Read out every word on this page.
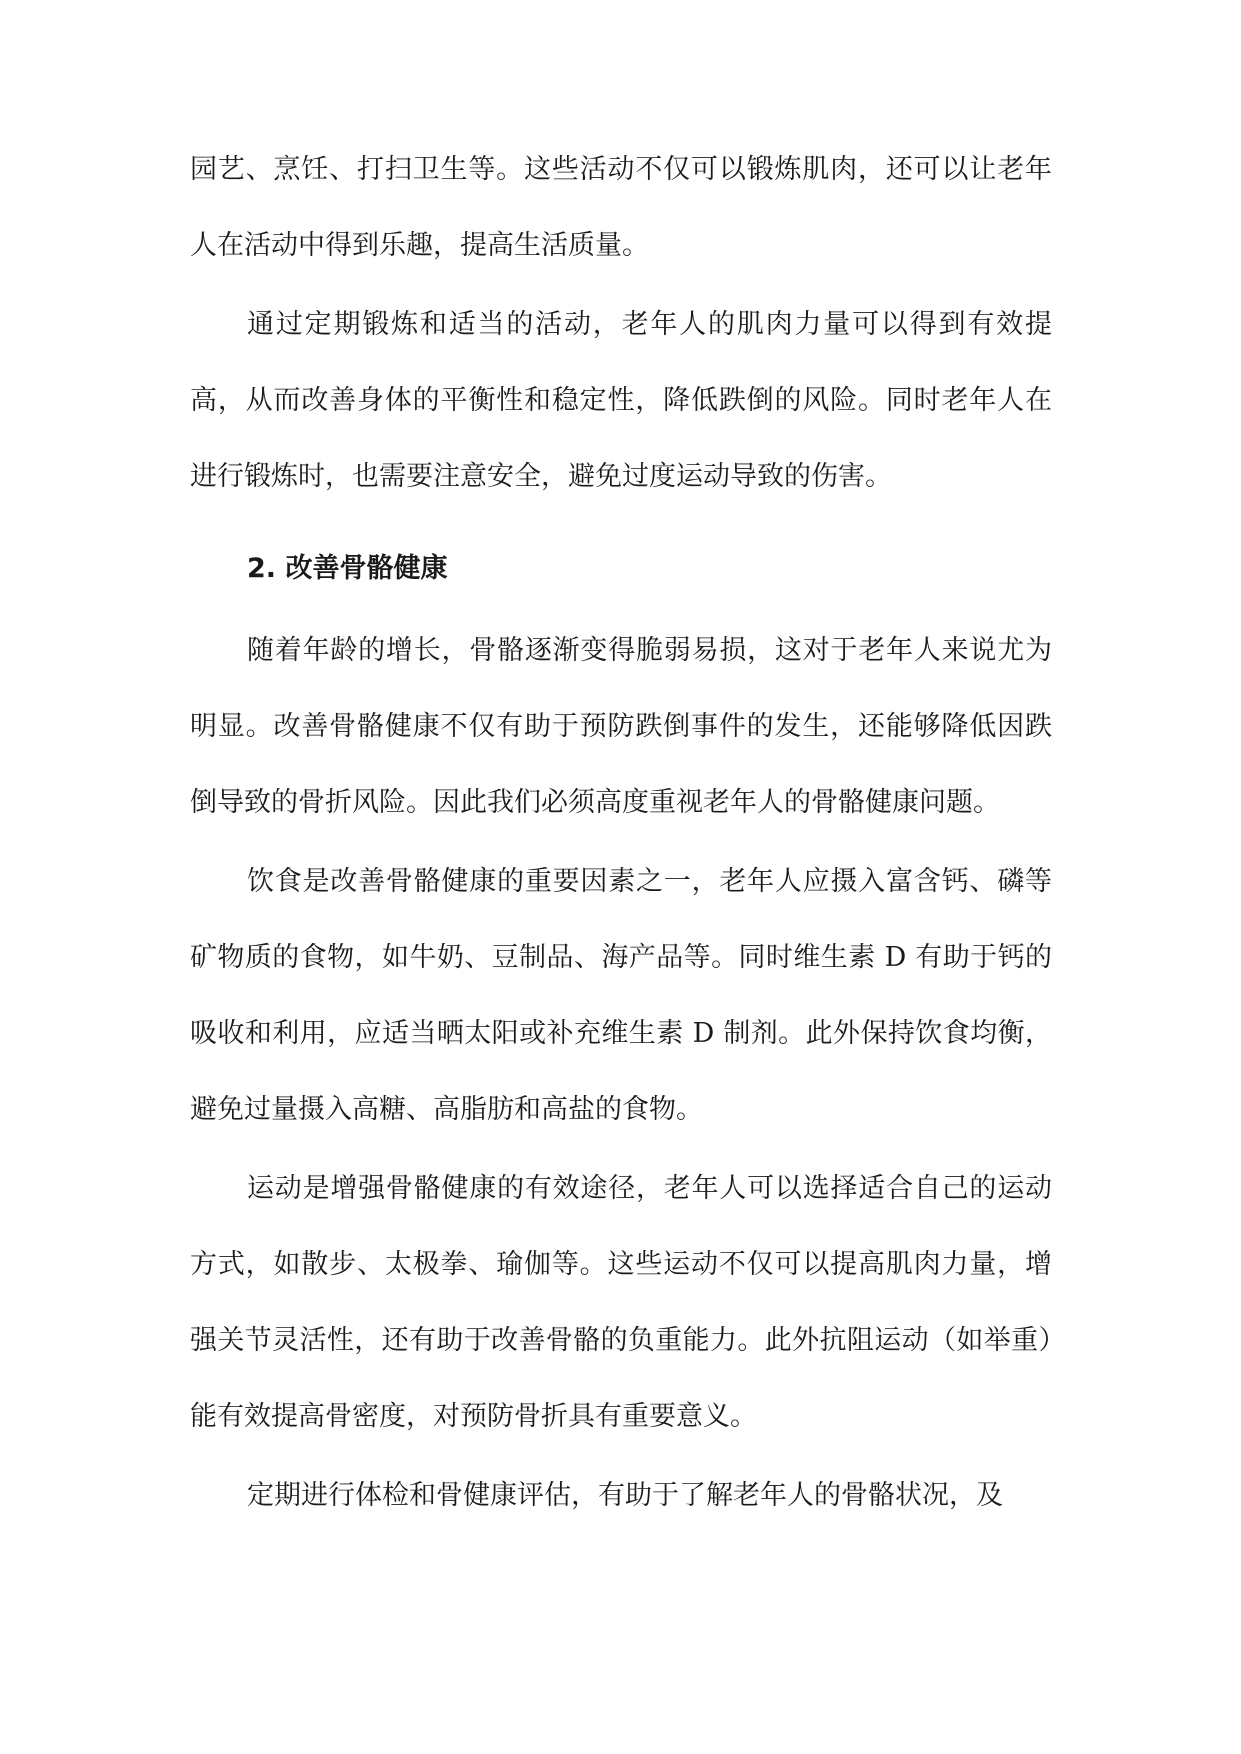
园艺、烹饪、打扫卫生等。这些活动不仅可以锻炼肌肉，还可以让老年人在活动中得到乐趣，提高生活质量。

通过定期锻炼和适当的活动，老年人的肌肉力量可以得到有效提高，从而改善身体的平衡性和稳定性，降低跌倒的风险。同时老年人在进行锻炼时，也需要注意安全，避免过度运动导致的伤害。

2. 改善骨骼健康

随着年龄的增长，骨骼逐渐变得脆弱易损，这对于老年人来说尤为明显。改善骨骼健康不仅有助于预防跌倒事件的发生，还能够降低因跌倒导致的骨折风险。因此我们必须高度重视老年人的骨骼健康问题。

饮食是改善骨骼健康的重要因素之一，老年人应摄入富含钙、磷等矿物质的食物，如牛奶、豆制品、海产品等。同时维生素 D 有助于钙的吸收和利用，应适当晒太阳或补充维生素 D 制剂。此外保持饮食均衡，避免过量摄入高糖、高脂肪和高盐的食物。

运动是增强骨骼健康的有效途径，老年人可以选择适合自己的运动方式，如散步、太极拳、瑜伽等。这些运动不仅可以提高肌肉力量，增强关节灵活性，还有助于改善骨骼的负重能力。此外抗阻运动（如举重）能有效提高骨密度，对预防骨折具有重要意义。

定期进行体检和骨健康评估，有助于了解老年人的骨骼状况，及
